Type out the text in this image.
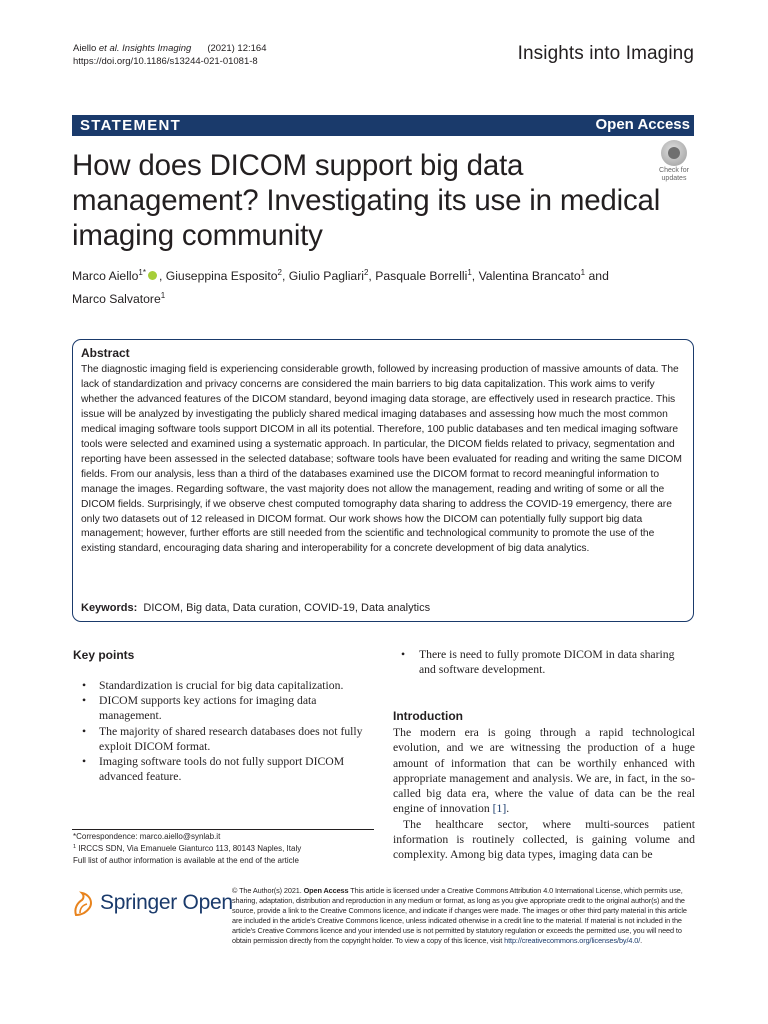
Aiello et al. Insights Imaging (2021) 12:164
https://doi.org/10.1186/s13244-021-01081-8	Insights into Imaging
STATEMENT	Open Access
How does DICOM support big data management? Investigating its use in medical imaging community
Check for
updates
Marco Aiello$^{1*}$ , Giuseppina Esposito$^2$, Giulio Pagliari$^2$, Pasquale Borrelli$^1$, Valentina Brancato$^1$ and
Marco Salvatore$^1$
Abstract
The diagnostic imaging field is experiencing considerable growth, followed by increasing production of massive amounts of data. The lack of standardization and privacy concerns are considered the main barriers to big data capitalization. This work aims to verify whether the advanced features of the DICOM standard, beyond imaging data storage, are effectively used in research practice. This issue will be analyzed by investigating the publicly shared medical imaging databases and assessing how much the most common medical imaging software tools support DICOM in all its potential. Therefore, 100 public databases and ten medical imaging software tools were selected and examined using a systematic approach. In particular, the DICOM fields related to privacy, segmentation and reporting have been assessed in the selected database; software tools have been evaluated for reading and writing the same DICOM fields. From our analysis, less than a third of the databases examined use the DICOM format to record meaningful information to manage the images. Regarding software, the vast majority does not allow the management, reading and writing of some or all the DICOM fields. Surprisingly, if we observe chest computed tomography data sharing to address the COVID-19 emergency, there are only two datasets out of 12 released in DICOM format. Our work shows how the DICOM can potentially fully support big data management; however, further efforts are still needed from the scientific and technological community to promote the use of the existing standard, encouraging data sharing and interoperability for a concrete development of big data analytics.
Keywords: DICOM, Big data, Data curation, COVID-19, Data analytics
Key points
• Standardization is crucial for big data capitalization.
• DICOM supports key actions for imaging data management.
• The majority of shared research databases does not fully exploit DICOM format.
• Imaging software tools do not fully support DICOM advanced feature.
*Correspondence: marco.aiello@synlab.it
$^1$ IRCCS SDN, Via Emanuele Gianturco 113, 80143 Naples, Italy
Full list of author information is available at the end of the article
• There is need to fully promote DICOM in data sharing and software development.
Introduction

The modern era is going through a rapid technological evolution, and we are witnessing the production of a huge amount of information that can be worthily enhanced with appropriate management and analysis. We are, in fact, in the so-called big data era, where the value of data can be the real engine of innovation [1].

The healthcare sector, where multi-sources patient information is routinely collected, is gaining volume and complexity. Among big data types, imaging data can be

Springer Open
© The Author(s) 2021. Open Access This article is licensed under a Creative Commons Attribution 4.0 International License, which permits use, sharing, adaptation, distribution and reproduction in any medium or format, as long as you give appropriate credit to the original author(s) and the source, provide a link to the Creative Commons licence, and indicate if changes were made. The images or other third party material in this article are included in the article's Creative Commons licence, unless indicated otherwise in a credit line to the material. If material is not included in the article's Creative Commons licence and your intended use is not permitted by statutory regulation or exceeds the permitted use, you will need to obtain permission directly from the copyright holder. To view a copy of this licence, visit http://creativecommons.org/licenses/by/4.0/.
